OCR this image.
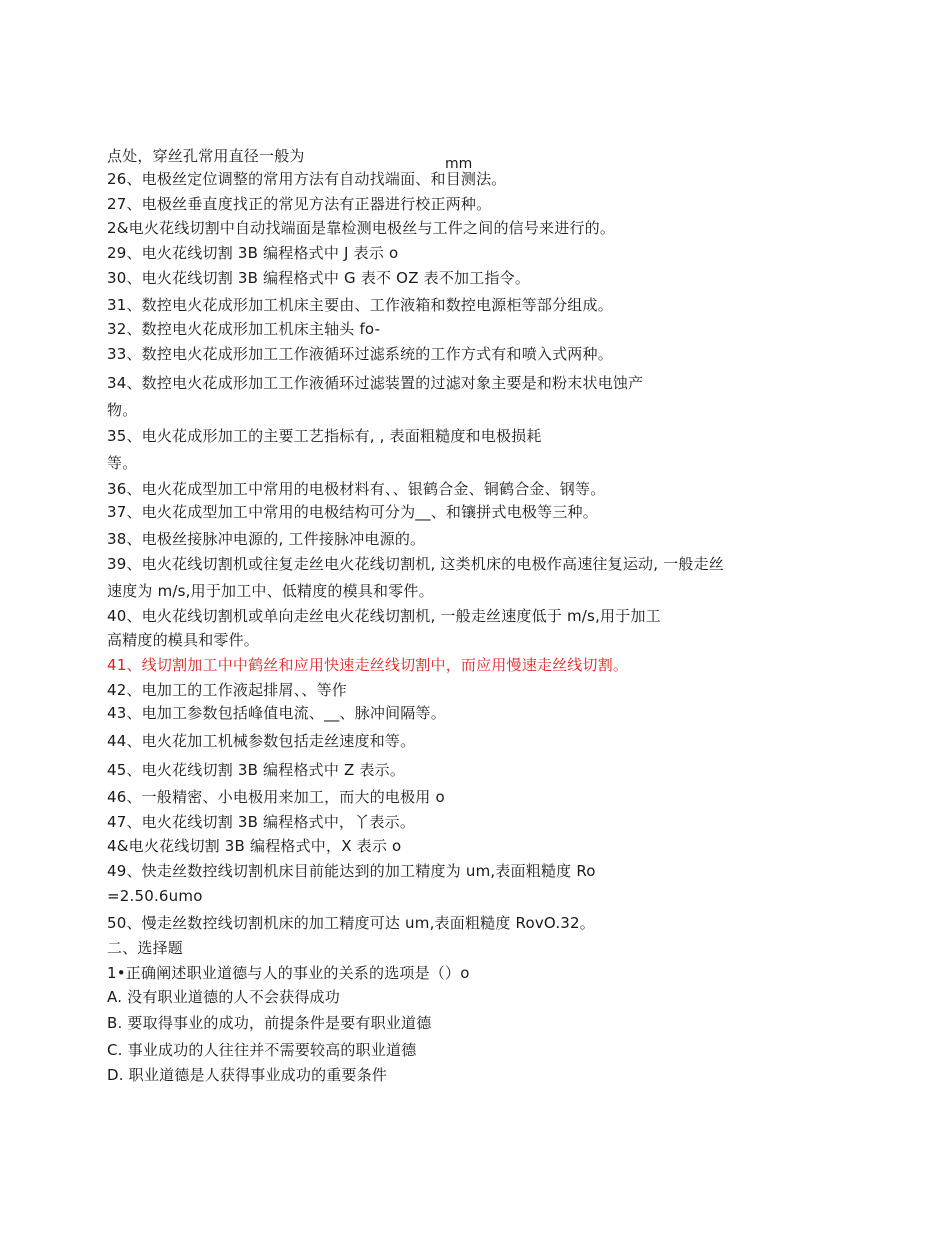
点处，穿丝孔常用直径一般为	mm
26、电极丝定位调整的常用方法有自动找端面、和目测法。
27、电极丝垂直度找正的常见方法有正器进行校正两种。
2&电火花线切割中自动找端面是靠检测电极丝与工件之间的信号来进行的。
29、电火花线切割 3B 编程格式中 J 表示 o
30、电火花线切割 3B 编程格式中 G 表不 OZ 表不加工指令。
31、数控电火花成形加工机床主要由、工作液箱和数控电源柜等部分组成。
32、数控电火花成形加工机床主轴头 fo-
33、数控电火花成形加工工作液循环过滤系统的工作方式有和喷入式两种。
34、数控电火花成形加工工作液循环过滤装置的过滤对象主要是和粉末状电蚀产
物。
35、电火花成形加工的主要工艺指标有, , 表面粗糙度和电极损耗
等。
36、电火花成型加工中常用的电极材料有、、银鹤合金、铜鹤合金、钢等。
37、电火花成型加工中常用的电极结构可分为__、和镶拼式电极等三种。
38、电极丝接脉冲电源的, 工件接脉冲电源的。
39、电火花线切割机或往复走丝电火花线切割机, 这类机床的电极作高速往复运动, 一般走丝
速度为 m/s,用于加工中、低精度的模具和零件。
40、电火花线切割机或单向走丝电火花线切割机, 一般走丝速度低于 m/s,用于加工
高精度的模具和零件。
41、线切割加工中中鹤丝和应用快速走丝线切割中，而应用慢速走丝线切割。
42、电加工的工作液起排屑、、等作
43、电加工参数包括峰值电流、__、脉冲间隔等。
44、电火花加工机械参数包括走丝速度和等。
45、电火花线切割 3B 编程格式中 Z 表示。
46、一般精密、小电极用来加工，而大的电极用 o
47、电火花线切割 3B 编程格式中，丫表示。
4&电火花线切割 3B 编程格式中，X 表示 o
49、快走丝数控线切割机床目前能达到的加工精度为 um,表面粗糙度 Ro
=2.50.6umo
50、慢走丝数控线切割机床的加工精度可达 um,表面粗糙度 RovO.32。
二、选择题
1•正确阐述职业道德与人的事业的关系的选项是（）o
A. 没有职业道德的人不会获得成功
B. 要取得事业的成功，前提条件是要有职业道德
C. 事业成功的人往往并不需要较高的职业道德
D. 职业道德是人获得事业成功的重要条件
